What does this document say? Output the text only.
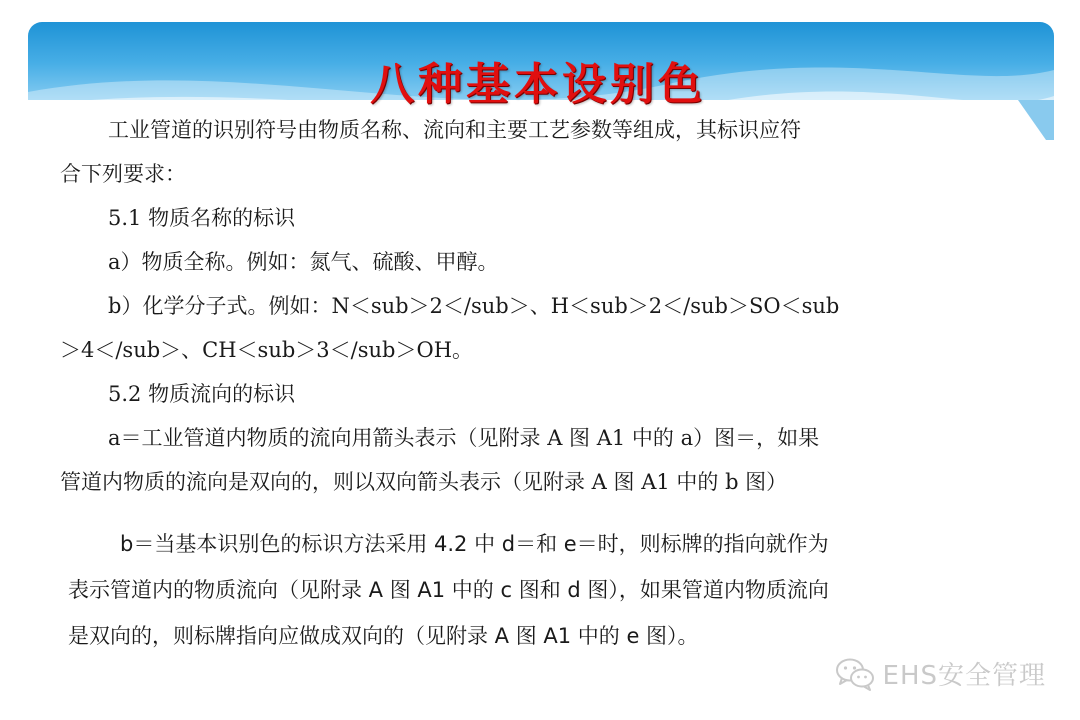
八种基本设别色

工业管道的识别符号由物质名称、流向和主要工艺参数等组成，其标识应符

合下列要求：

5.1 物质名称的标识

a）物质全称。例如：氮气、硫酸、甲醇。

b）化学分子式。例如：N＜sub＞2＜/sub＞、H＜sub＞2＜/sub＞SO＜sub

＞4＜/sub＞、CH＜sub＞3＜/sub＞OH。

5.2 物质流向的标识

a＝工业管道内物质的流向用箭头表示（见附录 A 图 A1 中的 a）图＝，如果

管道内物质的流向是双向的，则以双向箭头表示（见附录 A 图 A1 中的 b 图）

b＝当基本识别色的标识方法采用 4.2 中 d＝和 e＝时，则标牌的指向就作为

表示管道内的物质流向（见附录 A 图 A1 中的 c 图和 d 图），如果管道内物质流向

是双向的，则标牌指向应做成双向的（见附录 A 图 A1 中的 e 图）。

EHS安全管理
